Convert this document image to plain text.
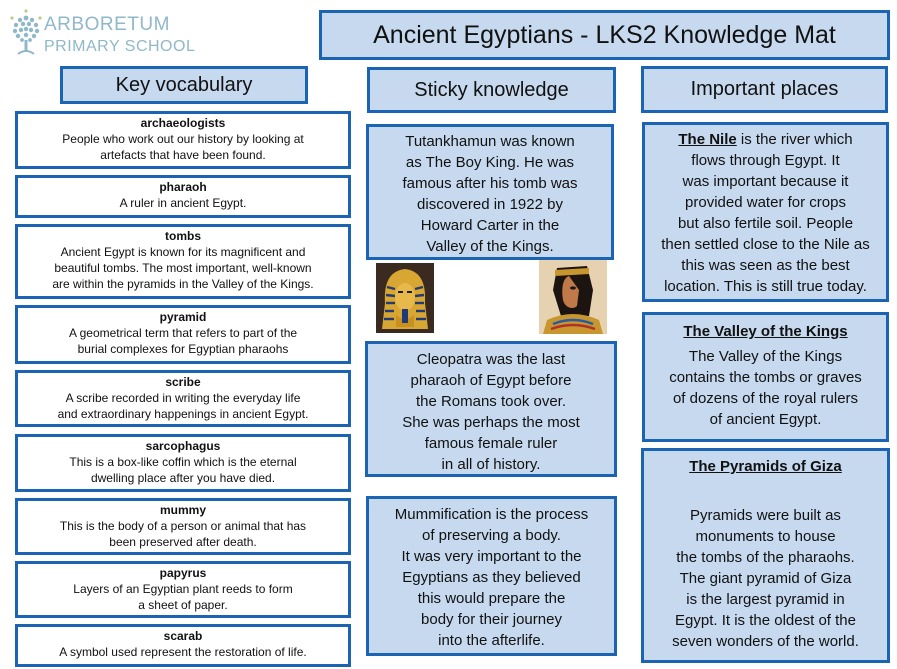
ARBORETUM
PRIMARY SCHOOL	Ancient Egyptians - LKS2 Knowledge Mat
Key vocabulary	Sticky knowledge	Important places
archaeologists
People who work out our history by looking at
artefacts that have been found.
pharaoh
A ruler in ancient Egypt.
tombs
Ancient Egypt is known for its magnificent and
beautiful tombs. The most important, well-known
are within the pyramids in the Valley of the Kings.
pyramid
A geometrical term that refers to part of the
burial complexes for Egyptian pharaohs
scribe
A scribe recorded in writing the everyday life
and extraordinary happenings in ancient Egypt.
sarcophagus
This is a box-like coffin which is the eternal
dwelling place after you have died.
mummy
This is the body of a person or animal that has
been preserved after death.
papyrus
Layers of an Egyptian plant reeds to form
a sheet of paper.
scarab
A symbol used represent the restoration of life.
Tutankhamun was known
as The Boy King. He was
famous after his tomb was
discovered in 1922 by
Howard Carter in the
Valley of the Kings.
Cleopatra was the last
pharaoh of Egypt before
the Romans took over.
She was perhaps the most
famous female ruler
in all of history.
Mummification is the process
of preserving a body.
It was very important to the
Egyptians as they believed
this would prepare the
body for their journey
into the afterlife.
The Nile is the river which
flows through Egypt. It
was important because it
provided water for crops
but also fertile soil. People
then settled close to the Nile as
this was seen as the best
location. This is still true today.
The Valley of the Kings
The Valley of the Kings
contains the tombs or graves
of dozens of the royal rulers
of ancient Egypt.
The Pyramids of Giza
Pyramids were built as
monuments to house
the tombs of the pharaohs.
The giant pyramid of Giza
is the largest pyramid in
Egypt. It is the oldest of the
seven wonders of the world.
